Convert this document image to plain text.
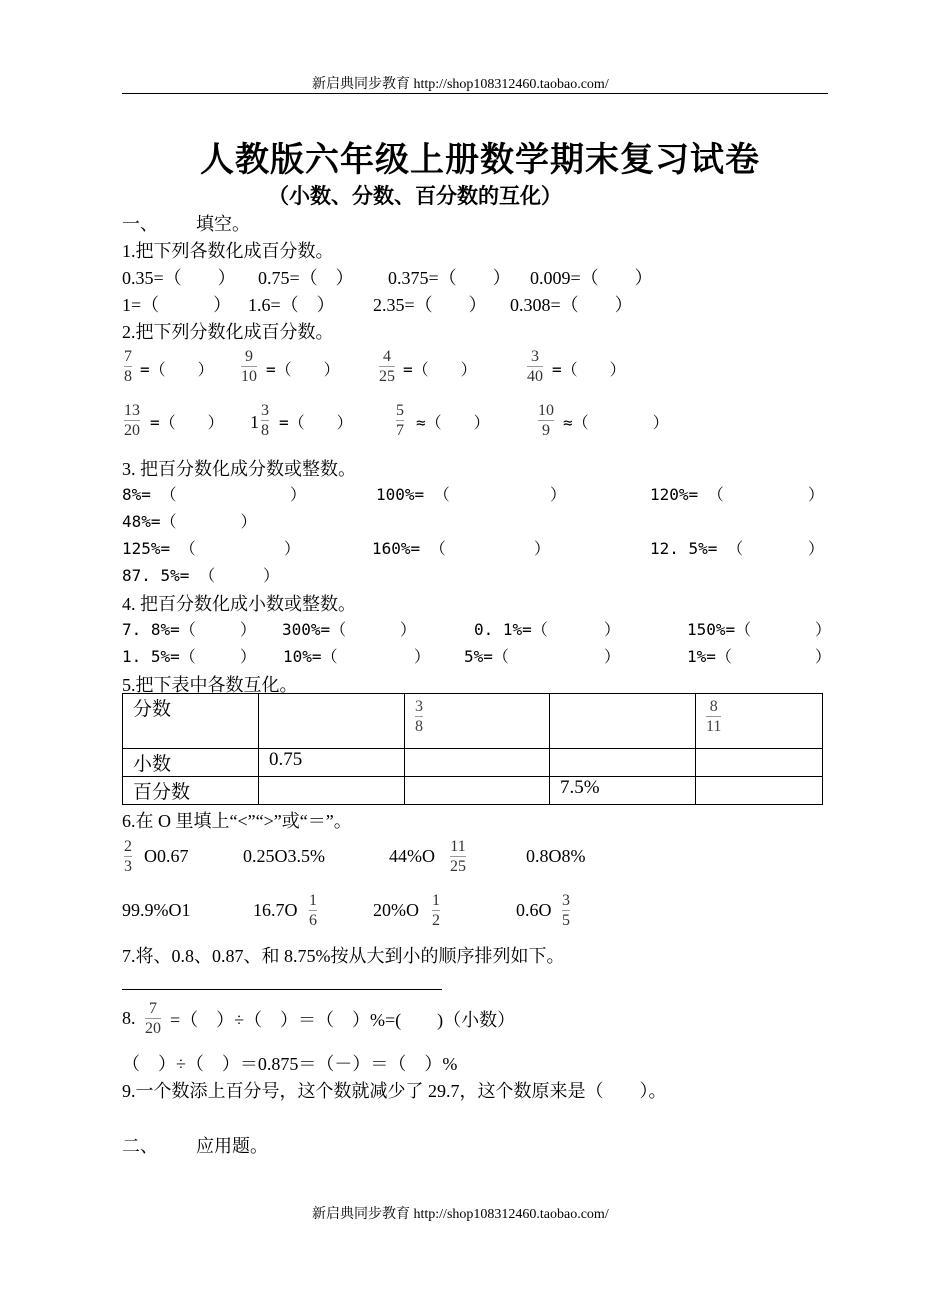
新启典同步教育 http://shop108312460.taobao.com/
人教版六年级上册数学期末复习试卷
（小数、分数、百分数的互化）
一、 填空。
1.把下列各数化成百分数。
0.35=（　　） 0.75=（　） 0.375=（　　） 0.009=（　　）
1=（　　　） 1.6=（　） 2.35=（　　） 0.308=（　　）
2.把下列分数化成百分数。
7
8 =（　　）
9
10 =（　　）
4
25 =（　　）
3
40 =（　　）
13
20 =（　　） 1
3
8 =（　　）
5
7 ≈（　　）
10
9 ≈（　　　　）
3. 把百分数化成分数或整数。
8%= （	）	100%= （	）	120%= （	）
48%=（　　　　）
125%= （	）	160%= （	）	12. 5%= （	）
87. 5%= （　　　）
4. 把百分数化成小数或整数。
7. 8%=（	） 300%=（	）	0. 1%=（	）	150%=（	）
1. 5%=（	） 10%=（	） 5%=（	）	1%=（	）
5.把下表中各数互化。
分数		$\frac{3}{8}$		$\frac{8}{11}$

小数	0.75			
百分数			7.5%	
6.在 O 里填上“<”“>”或“＝”。
2
3
O0.67	0.25O3.5%	44%O 11
25
0.8O8%
99.9%O1	16.7O 1
6
20%O 1
2
0.6O 3
5
7.将、0.8、0.87、和 8.75%按从大到小的顺序排列如下。
8. 7
20 =（　）÷（　）＝（　）%=(　　)（小数）
（　）÷（　）＝0.875＝（－）＝（　）%
9.一个数添上百分号，这个数就减少了 29.7，这个数原来是（　　）。
二、 应用题。
新启典同步教育 http://shop108312460.taobao.com/
